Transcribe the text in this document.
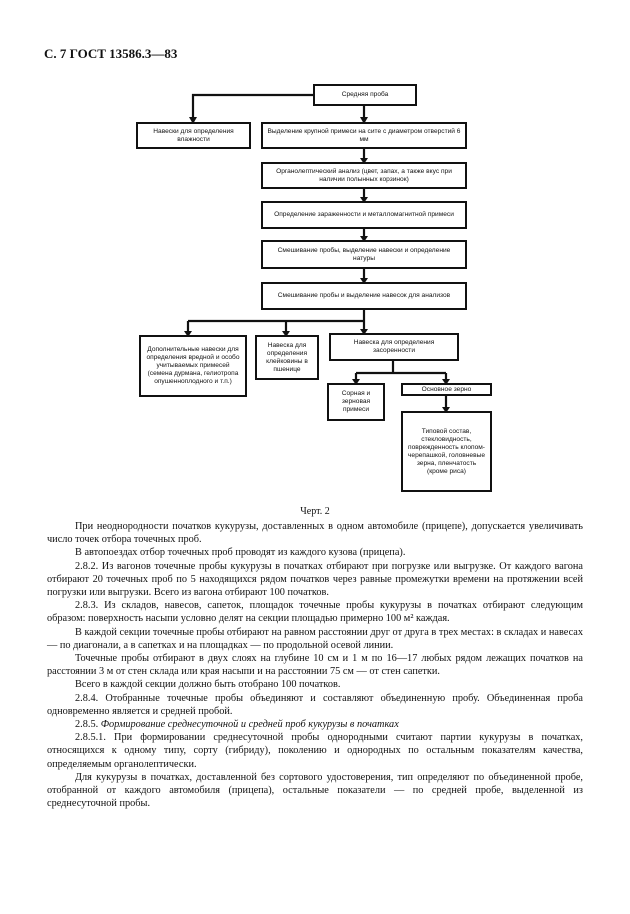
С. 7 ГОСТ 13586.3—83
Средняя проба
Навески для определения влажности
Выделение крупной примеси на сите с диаметром отверстий 6 мм
Органолептический анализ (цвет, запах, а также вкус при наличии полынных корзинок)
Определение зараженности и металломагнитной примеси
Смешивание пробы, выделение навески и определение натуры
Смешивание пробы и выделение навесок для анализов
Дополнительные навески для определения вредной и особо учитываемых примесей (семена дурмана, гелиотропа опушенноплодного и т.п.)
Навеска для определения клейковины в пшенице
Навеска для определения засоренности
Сорная и зерновая примеси
Основное зерно
Типовой состав, стекловидность, поврежденность клопом-черепашкой, головневые зерна, пленчатость (кроме риса)
Черт. 2

При неоднородности початков кукурузы, доставленных в одном автомобиле (прицепе), допускается увеличивать число точек отбора точечных проб.

В автопоездах отбор точечных проб проводят из каждого кузова (прицепа).

2.8.2. Из вагонов точечные пробы кукурузы в початках отбирают при погрузке или выгрузке. От каждого вагона отбирают 20 точечных проб по 5 находящихся рядом початков через равные промежутки времени на протяжении всей погрузки или выгрузки. Всего из вагона отбирают 100 початков.

2.8.3. Из складов, навесов, сапеток, площадок точечные пробы кукурузы в початках отбирают следующим образом: поверхность насыпи условно делят на секции площадью примерно 100 м² каждая.

В каждой секции точечные пробы отбирают на равном расстоянии друг от друга в трех местах: в складах и навесах — по диагонали, а в сапетках и на площадках — по продольной осевой линии.

Точечные пробы отбирают в двух слоях на глубине 10 см и 1 м по 16—17 любых рядом лежащих початков на расстоянии 3 м от стен склада или края насыпи и на расстоянии 75 см — от стен сапетки.

Всего в каждой секции должно быть отобрано 100 початков.

2.8.4. Отобранные точечные пробы объединяют и составляют объединенную пробу. Объединенная проба одновременно является и средней пробой.

2.8.5. Формирование среднесуточной и средней проб кукурузы в початках

2.8.5.1. При формировании среднесуточной пробы однородными считают партии кукурузы в початках, относящихся к одному типу, сорту (гибриду), поколению и однородных по остальным показателям качества, определяемым органолептически.

Для кукурузы в початках, доставленной без сортового удостоверения, тип определяют по объединенной пробе, отобранной от каждого автомобиля (прицепа), остальные показатели — по средней пробе, выделенной из среднесуточной пробы.
